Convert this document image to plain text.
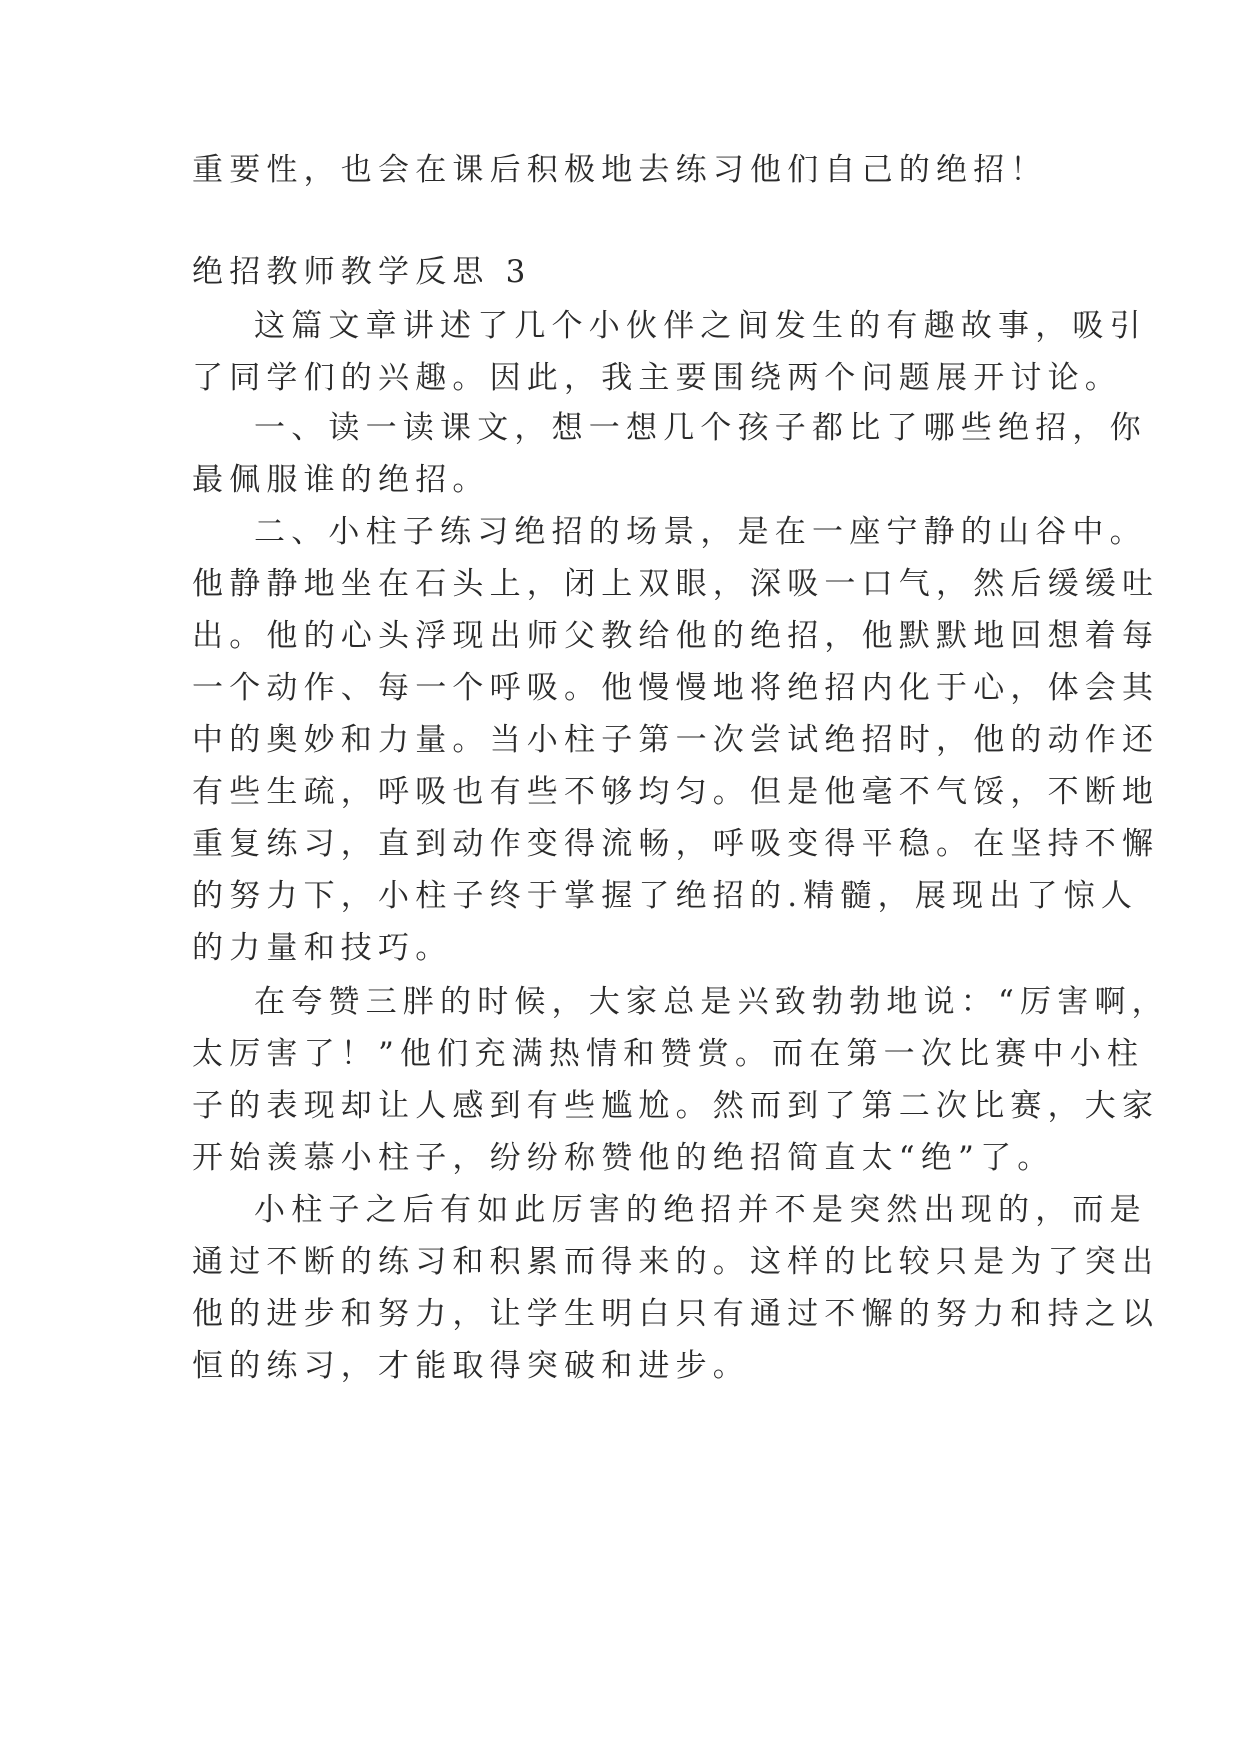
重要性，也会在课后积极地去练习他们自己的绝招！
绝招教师教学反思 3
这篇文章讲述了几个小伙伴之间发生的有趣故事，吸引
了同学们的兴趣。因此，我主要围绕两个问题展开讨论。
一、读一读课文，想一想几个孩子都比了哪些绝招，你
最佩服谁的绝招。
二、小柱子练习绝招的场景，是在一座宁静的山谷中。
他静静地坐在石头上，闭上双眼，深吸一口气，然后缓缓吐
出。他的心头浮现出师父教给他的绝招，他默默地回想着每
一个动作、每一个呼吸。他慢慢地将绝招内化于心，体会其
中的奥妙和力量。当小柱子第一次尝试绝招时，他的动作还
有些生疏，呼吸也有些不够均匀。但是他毫不气馁，不断地
重复练习，直到动作变得流畅，呼吸变得平稳。在坚持不懈
的努力下，小柱子终于掌握了绝招的.精髓，展现出了惊人
的力量和技巧。
在夸赞三胖的时候，大家总是兴致勃勃地说：“厉害啊，
太厉害了！”他们充满热情和赞赏。而在第一次比赛中小柱
子的表现却让人感到有些尴尬。然而到了第二次比赛，大家
开始羡慕小柱子，纷纷称赞他的绝招简直太“绝”了。
小柱子之后有如此厉害的绝招并不是突然出现的，而是
通过不断的练习和积累而得来的。这样的比较只是为了突出
他的进步和努力，让学生明白只有通过不懈的努力和持之以
恒的练习，才能取得突破和进步。
